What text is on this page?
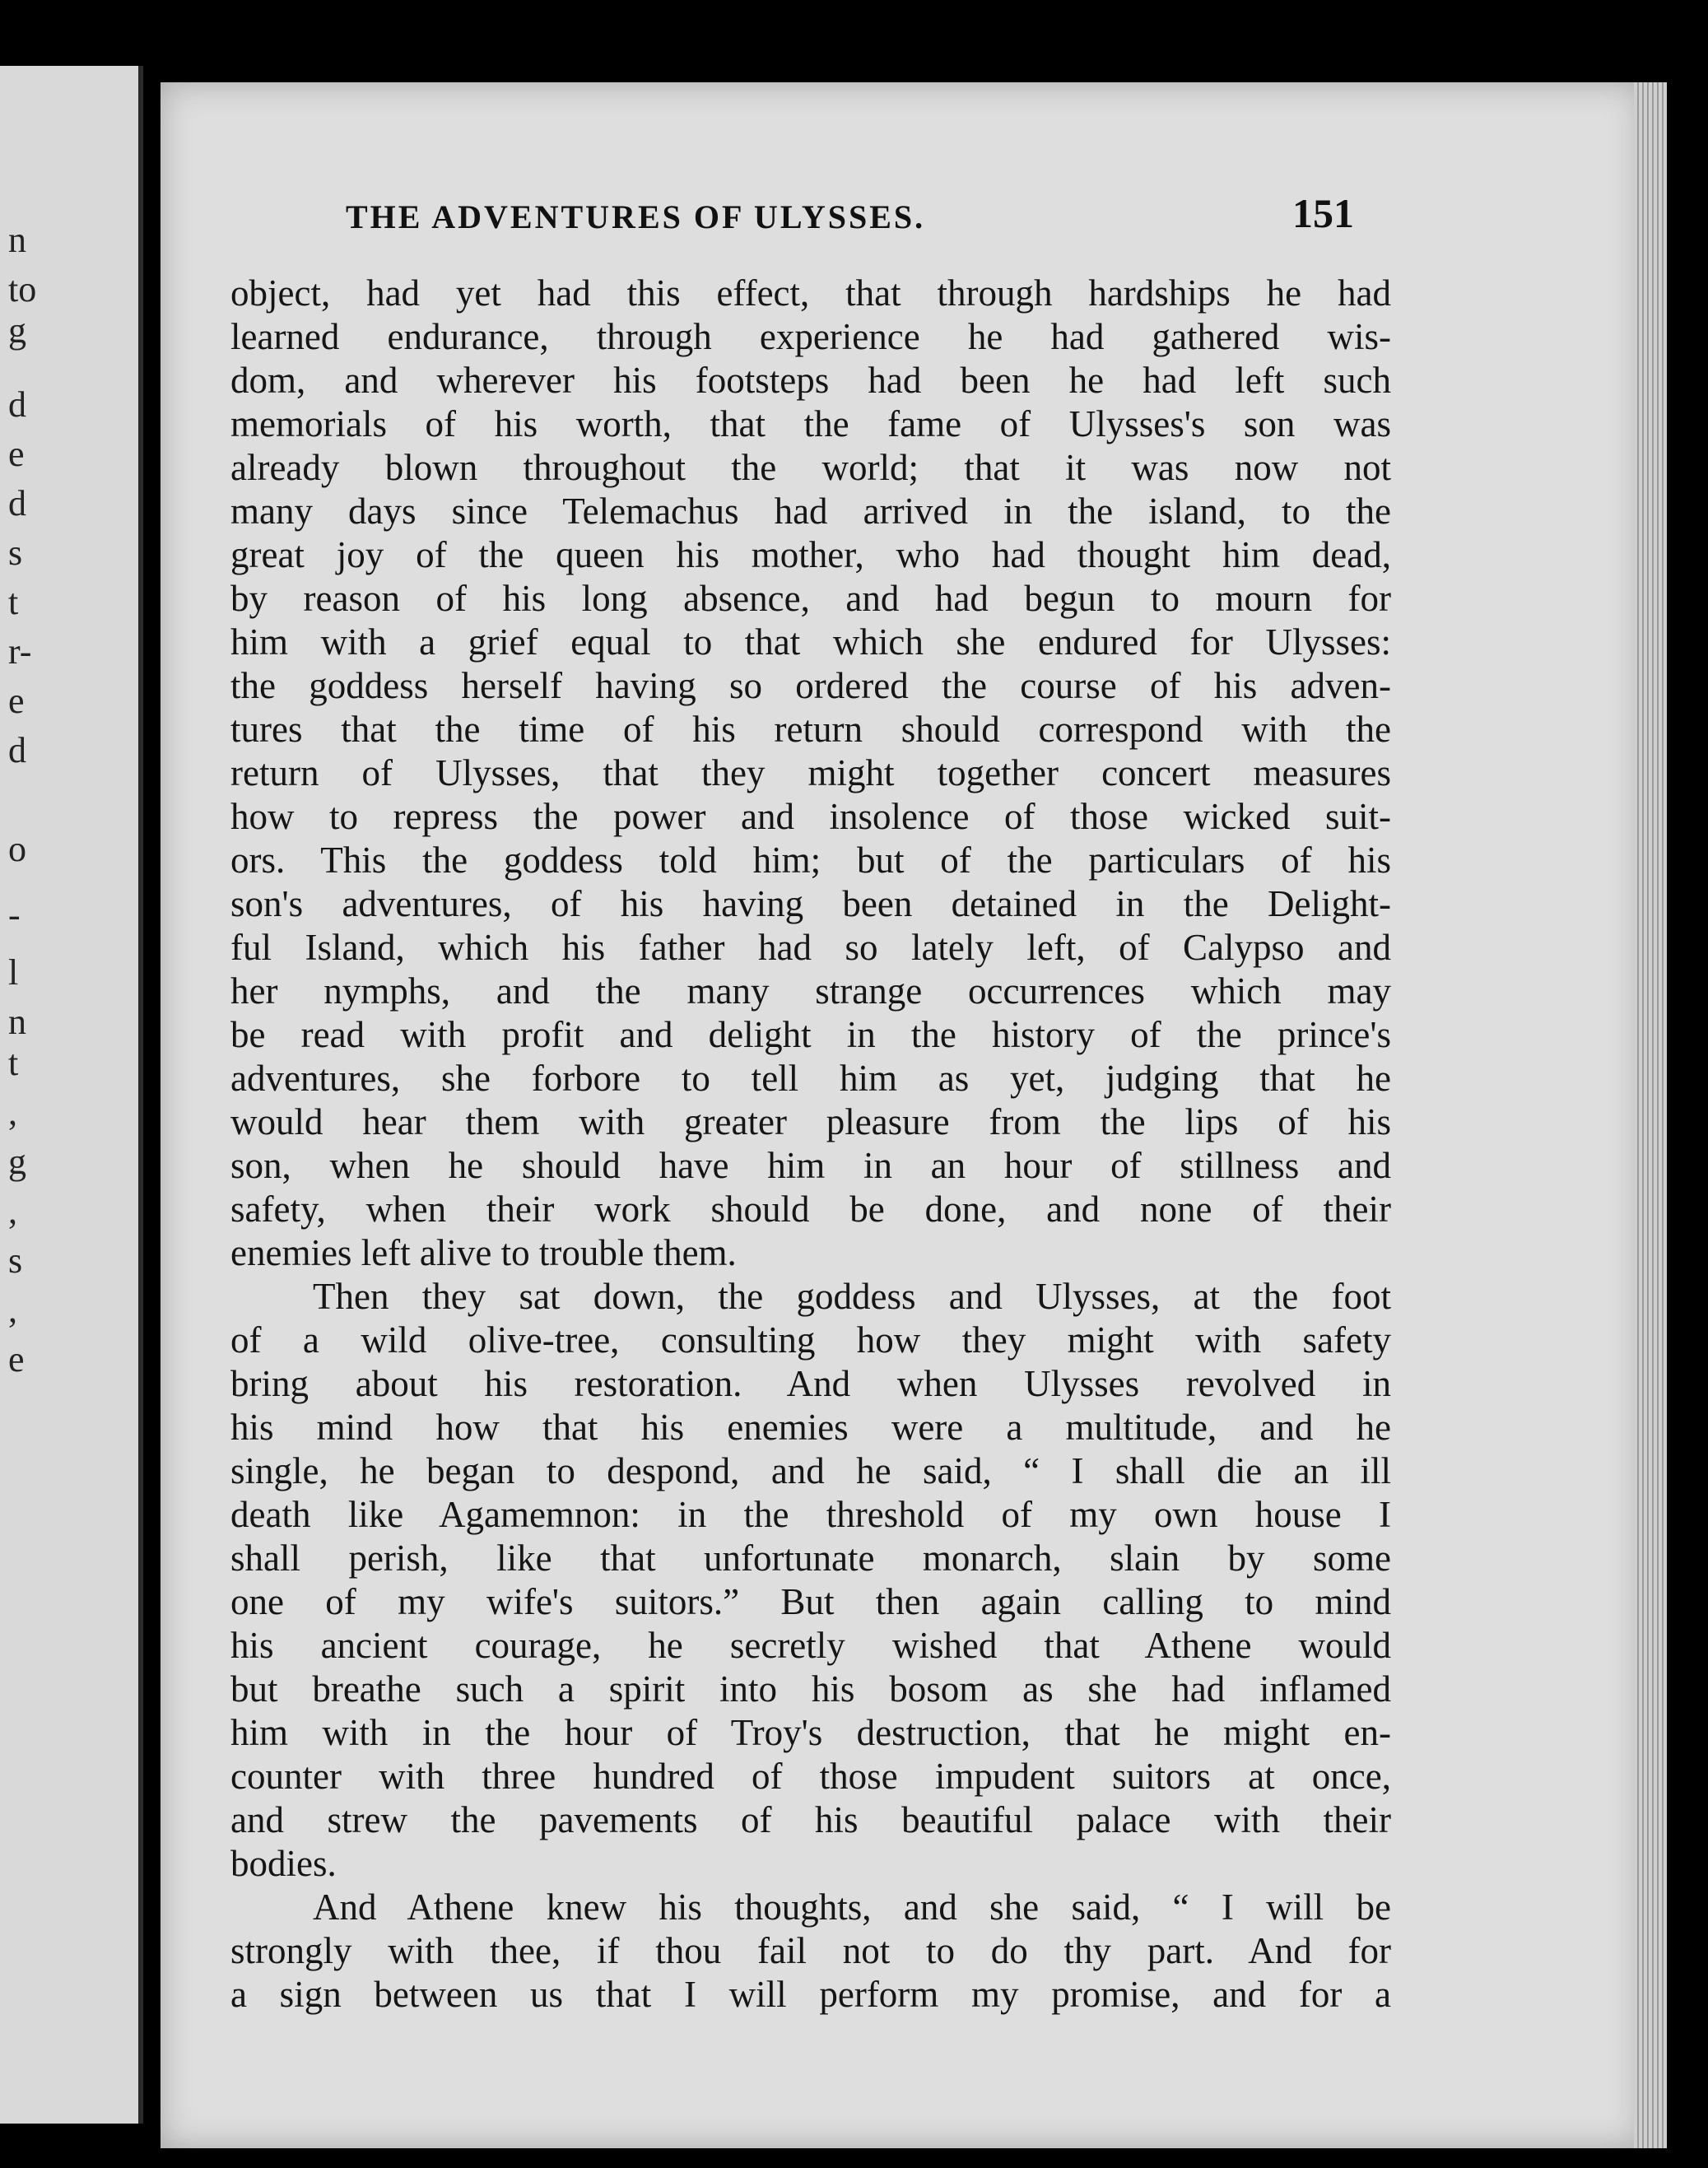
n
to
g
d
e
d
s
t
r-
e
d
o
-
l
n
t
,
g
,
s
,
e
THE ADVENTURES OF ULYSSES.	151
object, had yet had this effect, that through hardships he had
learned endurance, through experience he had gathered wis-
dom, and wherever his footsteps had been he had left such
memorials of his worth, that the fame of Ulysses's son was
already blown throughout the world; that it was now not
many days since Telemachus had arrived in the island, to the
great joy of the queen his mother, who had thought him dead,
by reason of his long absence, and had begun to mourn for
him with a grief equal to that which she endured for Ulysses:
the goddess herself having so ordered the course of his adven-
tures that the time of his return should correspond with the
return of Ulysses, that they might together concert measures
how to repress the power and insolence of those wicked suit-
ors. This the goddess told him; but of the particulars of his
son's adventures, of his having been detained in the Delight-
ful Island, which his father had so lately left, of Calypso and
her nymphs, and the many strange occurrences which may
be read with profit and delight in the history of the prince's
adventures, she forbore to tell him as yet, judging that he
would hear them with greater pleasure from the lips of his
son, when he should have him in an hour of stillness and
safety, when their work should be done, and none of their
enemies left alive to trouble them.
Then they sat down, the goddess and Ulysses, at the foot
of a wild olive-tree, consulting how they might with safety
bring about his restoration. And when Ulysses revolved in
his mind how that his enemies were a multitude, and he
single, he began to despond, and he said, “ I shall die an ill
death like Agamemnon: in the threshold of my own house I
shall perish, like that unfortunate monarch, slain by some
one of my wife's suitors.” But then again calling to mind
his ancient courage, he secretly wished that Athene would
but breathe such a spirit into his bosom as she had inflamed
him with in the hour of Troy's destruction, that he might en-
counter with three hundred of those impudent suitors at once,
and strew the pavements of his beautiful palace with their
bodies.
And Athene knew his thoughts, and she said, “ I will be
strongly with thee, if thou fail not to do thy part. And for
a sign between us that I will perform my promise, and for a
